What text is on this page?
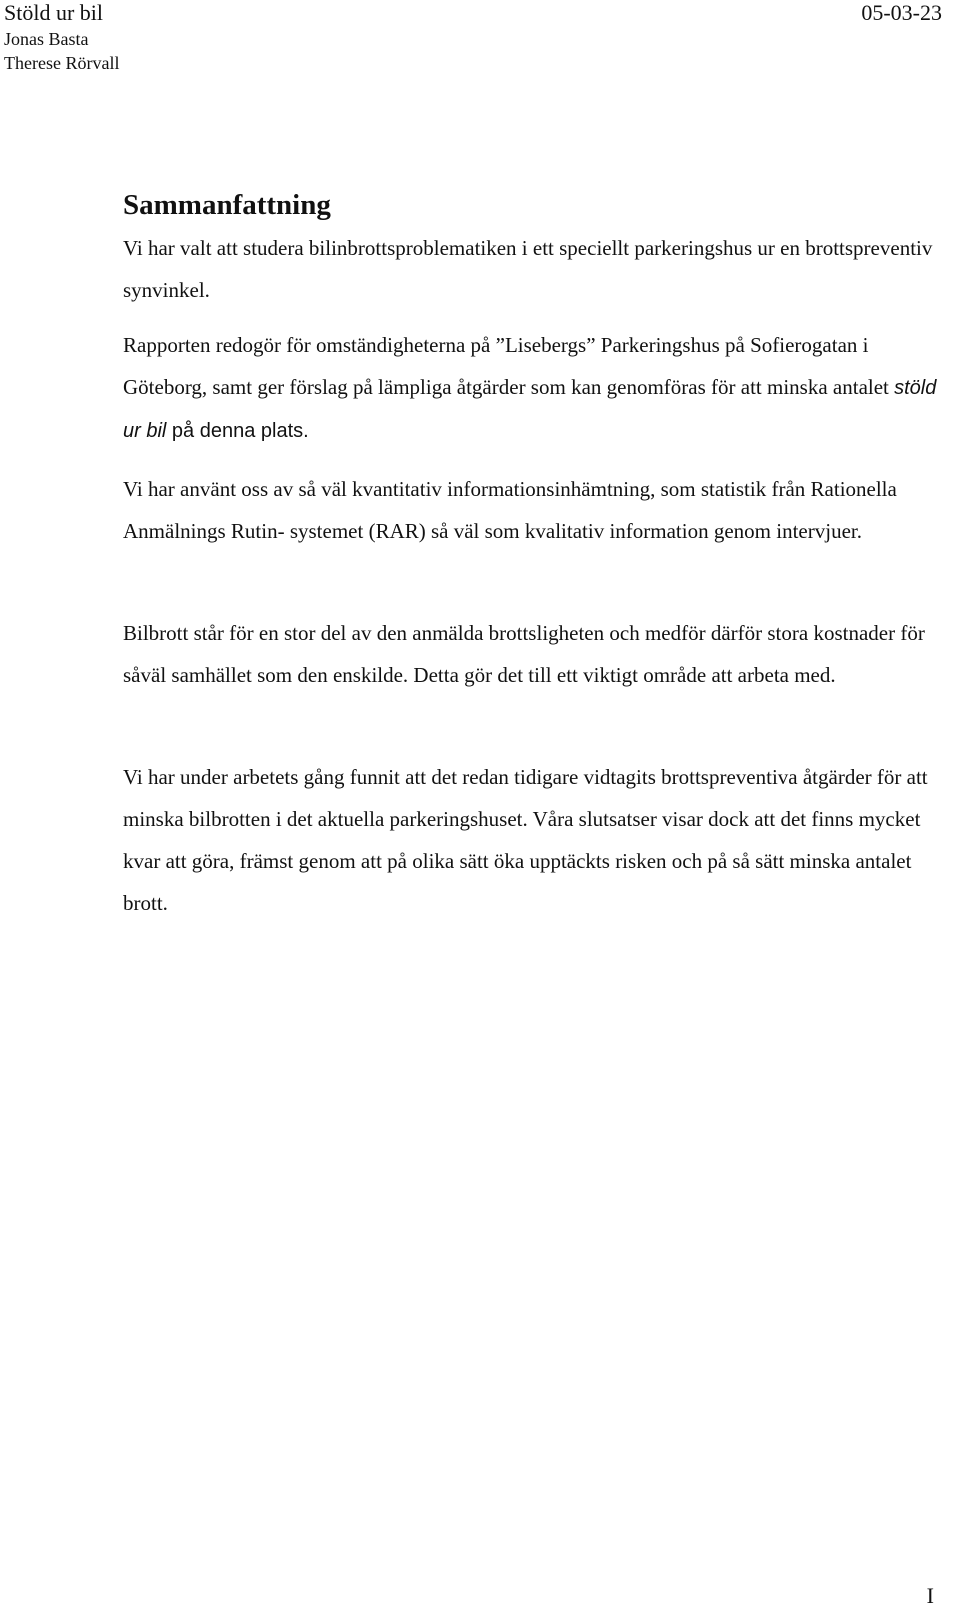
Stöld ur bil	05-03-23
Jonas Basta
Therese Rörvall
Sammanfattning

Vi har valt att studera bilinbrottsproblematiken i ett speciellt parkeringshus ur en brottspreventiv synvinkel.

Rapporten redogör för omständigheterna på ”Lisebergs” Parkeringshus på Sofierogatan i Göteborg, samt ger förslag på lämpliga åtgärder som kan genomföras för att minska antalet stöld ur bil på denna plats.

Vi har använt oss av så väl kvantitativ informationsinhämtning, som statistik från Rationella Anmälnings Rutin- systemet (RAR) så väl som kvalitativ information genom intervjuer.

Bilbrott står för en stor del av den anmälda brottsligheten och medför därför stora kostnader för såväl samhället som den enskilde. Detta gör det till ett viktigt område att arbeta med.

Vi har under arbetets gång funnit att det redan tidigare vidtagits brottspreventiva åtgärder för att minska bilbrotten i det aktuella parkeringshuset. Våra slutsatser visar dock att det finns mycket kvar att göra, främst genom att på olika sätt öka upptäckts risken och på så sätt minska antalet brott.

I
